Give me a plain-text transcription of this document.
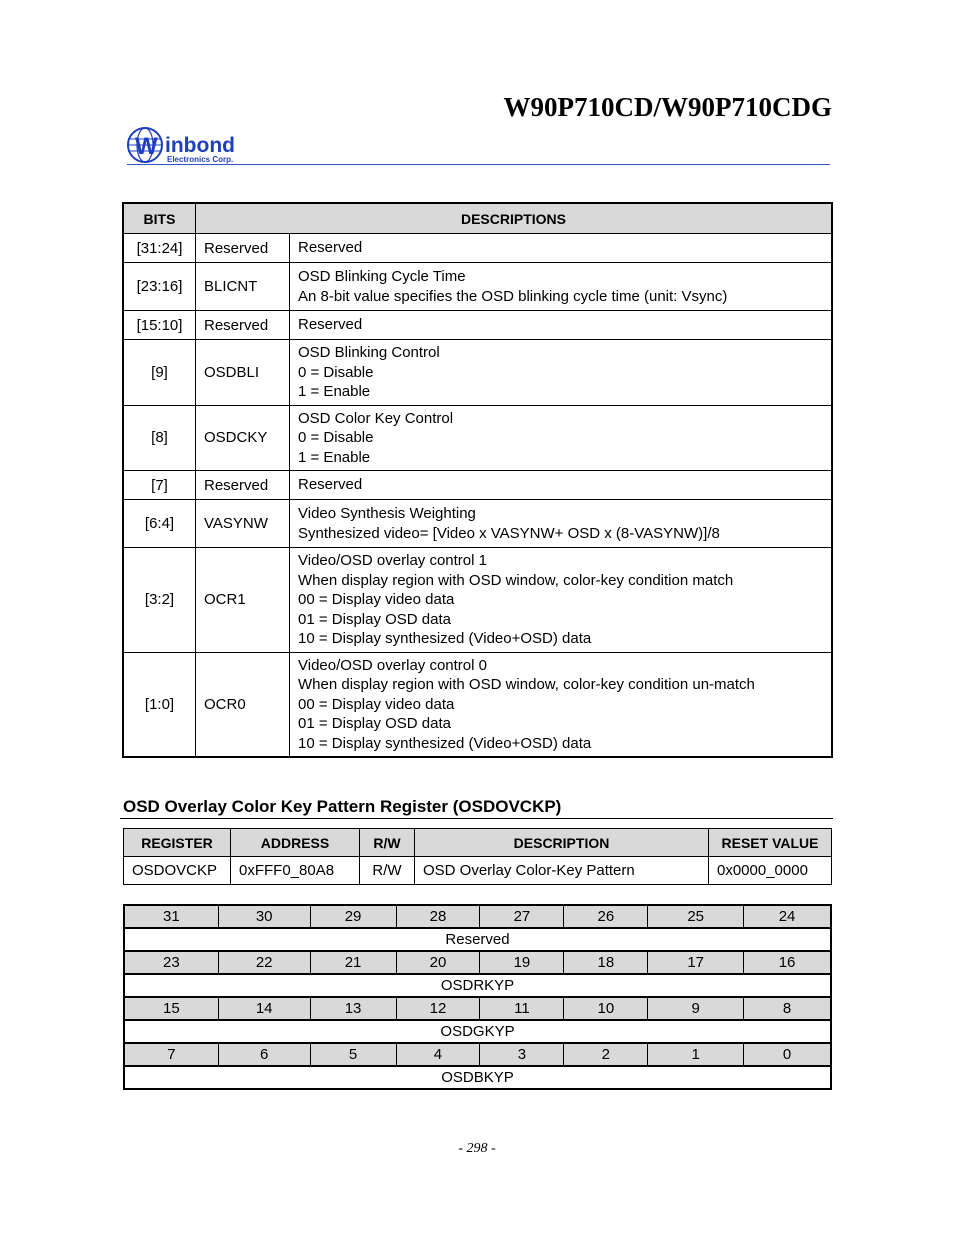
W90P710CD/W90P710CDG
W inbond
Electronics Corp.
BITS	DESCRIPTIONS	
[31:24]	Reserved	Reserved

[23:16]	BLICNT	OSD Blinking Cycle Time
An 8-bit value specifies the OSD blinking cycle time (unit: Vsync)

[15:10]	Reserved	Reserved

[9]	OSDBLI	OSD Blinking Control
0 = Disable
1 = Enable

[8]	OSDCKY	OSD Color Key Control
0 = Disable
1 = Enable

[7]	Reserved	Reserved

[6:4]	VASYNW	Video Synthesis Weighting
Synthesized video= [Video x VASYNW+ OSD x (8-VASYNW)]/8

[3:2]	OCR1	Video/OSD overlay control 1
When display region with OSD window, color-key condition match
00 = Display video data
01 = Display OSD data
10 = Display synthesized (Video+OSD) data

[1:0]	OCR0	Video/OSD overlay control 0
When display region with OSD window, color-key condition un-match
00 = Display video data
01 = Display OSD data
10 = Display synthesized (Video+OSD) data
OSD Overlay Color Key Pattern Register (OSDOVCKP)
REGISTER	ADDRESS	R/W	DESCRIPTION	RESET VALUE
OSDOVCKP	0xFFF0_80A8	R/W	OSD Overlay Color-Key Pattern	0x0000_0000
31	30	29	28	27	26	25	24
Reserved							
23	22	21	20	19	18	17	16
OSDRKYP							
15	14	13	12	11	10	9	8
OSDGKYP							
7	6	5	4	3	2	1	0
OSDBKYP							
- 298 -
